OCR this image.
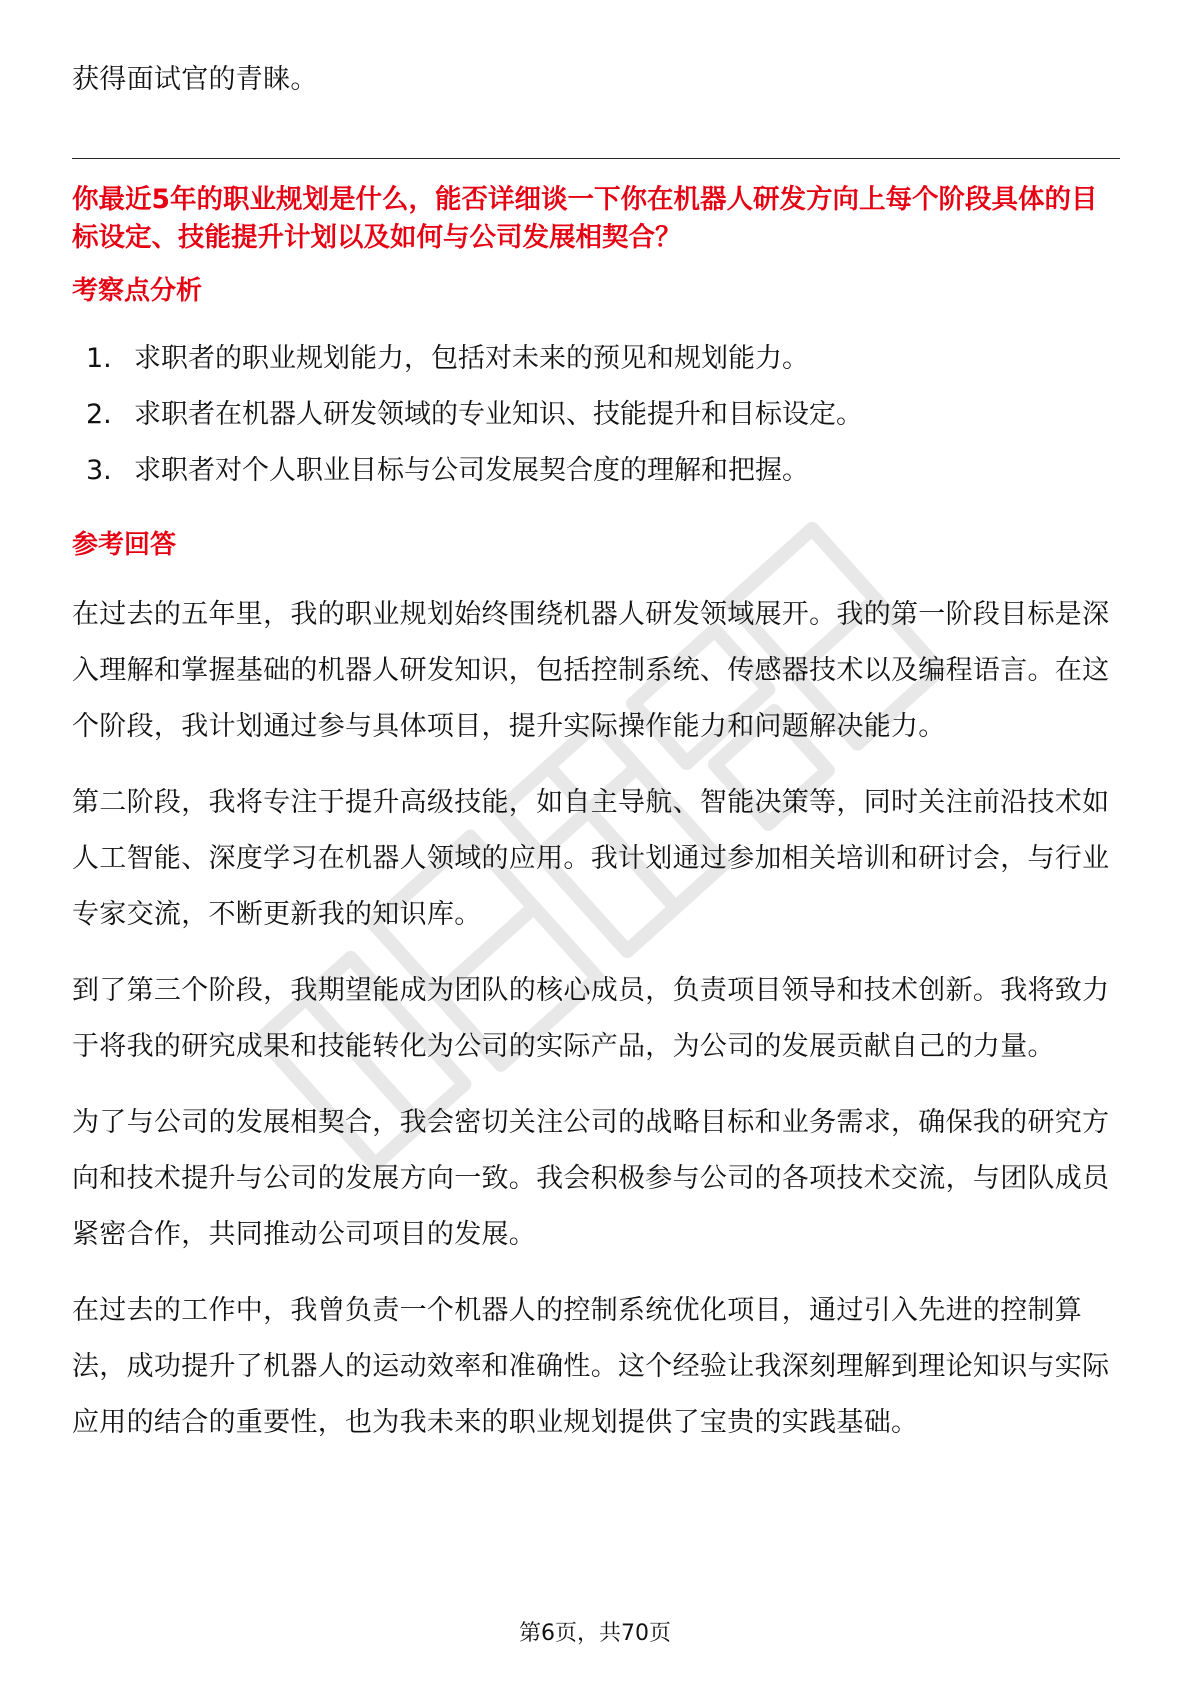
获得面试官的青睐。

你最近5年的职业规划是什么，能否详细谈一下你在机器人研发方向上每个阶段具体的目标设定、技能提升计划以及如何与公司发展相契合？

考察点分析

1. 求职者的职业规划能力，包括对未来的预见和规划能力。
2. 求职者在机器人研发领域的专业知识、技能提升和目标设定。
3. 求职者对个人职业目标与公司发展契合度的理解和把握。

参考回答

在过去的五年里，我的职业规划始终围绕机器人研发领域展开。我的第一阶段目标是深入理解和掌握基础的机器人研发知识，包括控制系统、传感器技术以及编程语言。在这个阶段，我计划通过参与具体项目，提升实际操作能力和问题解决能力。

第二阶段，我将专注于提升高级技能，如自主导航、智能决策等，同时关注前沿技术如人工智能、深度学习在机器人领域的应用。我计划通过参加相关培训和研讨会，与行业专家交流，不断更新我的知识库。

到了第三个阶段，我期望能成为团队的核心成员，负责项目领导和技术创新。我将致力于将我的研究成果和技能转化为公司的实际产品，为公司的发展贡献自己的力量。

为了与公司的发展相契合，我会密切关注公司的战略目标和业务需求，确保我的研究方向和技术提升与公司的发展方向一致。我会积极参与公司的各项技术交流，与团队成员紧密合作，共同推动公司项目的发展。

在过去的工作中，我曾负责一个机器人的控制系统优化项目，通过引入先进的控制算法，成功提升了机器人的运动效率和准确性。这个经验让我深刻理解到理论知识与实际应用的结合的重要性，也为我未来的职业规划提供了宝贵的实践基础。

第6页，共70页
